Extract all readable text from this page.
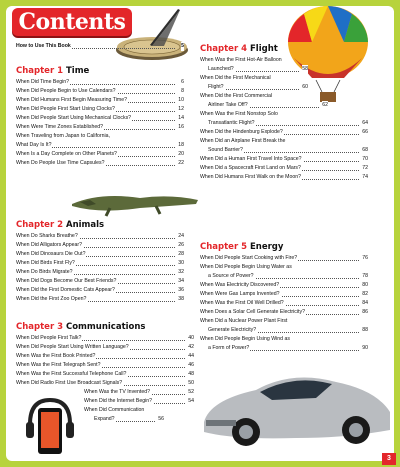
Contents
How to Use This Book	5
Chapter 1 Time
When Did Time Begin?	6
When Did People Begin to Use Calendars?	8
When Did Humans First Begin Measuring Time?	10
When Did People First Start Using Clocks?	12
When Did People Start Using Mechanical Clocks?	14
When Were Time Zones Established?	16
When Traveling from Japan to California,
What Day Is It?	18
When Is a Day Complete on Other Planets?	20
When Do People Use Time Capsules?	22
Chapter 2 Animals
When Do Sharks Breathe?	24
When Did Alligators Appear?	26
When Did Dinosaurs Die Out?	28
When Did Birds First Fly?	30
When Do Birds Migrate?	32
When Did Dogs Become Our Best Friends?	34
When Did the First Domestic Cats Appear?	36
When Did the First Zoo Open?	38
Chapter 3 Communications
When Did People First Talk?	40
When Did People Start Using Written Language?	42
When Was the First Book Printed?	44
When Was the First Telegraph Sent?	46
When Was the First Successful Telephone Call?	48
When Did Radio First Use Broadcast Signals?	50
When Was the TV Invented?	52
When Did the Internet Begin?	54
When Did Communication
Expand?	56
Chapter 4 Flight
When Was the First Hot-Air Balloon
Launched?	58
When Did the First Mechanical
Flight?	60
When Did the First Commercial
Airliner Take Off?	62
When Was the First Nonstop Solo
Transatlantic Flight?	64
When Did the Hindenburg Explode?	66
When Did an Airplane First Break the
Sound Barrier?	68
When Did a Human First Travel Into Space?	70
When Did a Spacecraft First Land on Mars?	72
When Did Humans First Walk on the Moon?	74
Chapter 5 Energy
When Did People Start Cooking with Fire?	76
When Did People Begin Using Water as
a Source of Power?	78
When Was Electricity Discovered?	80
When Were Gas Lamps Invented?	82
When Was the First Oil Well Drilled?	84
When Does a Solar Cell Generate Electricity?	86
When Did a Nuclear Power Plant First
Generate Electricity?	88
When Did People Begin Using Wind as
a Form of Power?	90
3
